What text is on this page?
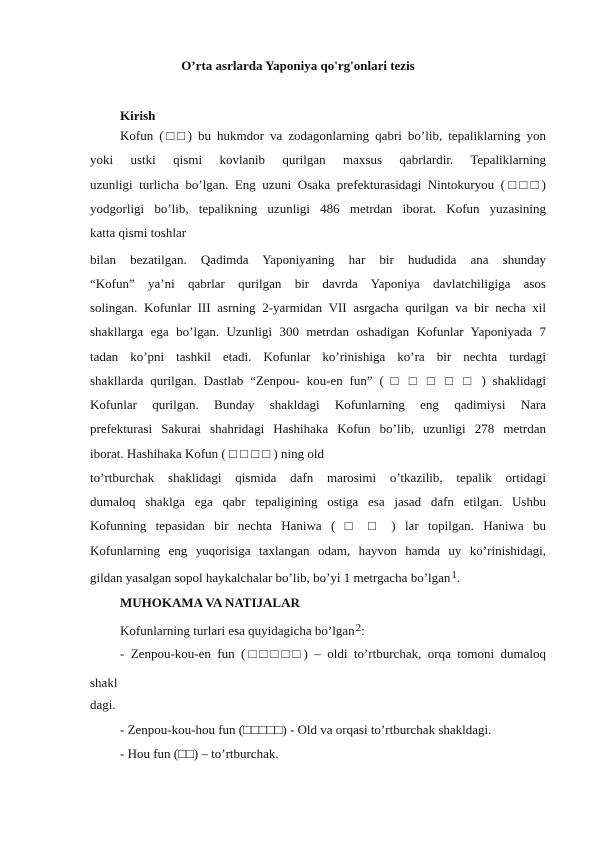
O’rta asrlarda Yaponiya qo'rg'onlari tezis
Kirish
Kofun (□□) bu hukmdor va zodagonlarning qabri bo’lib, tepaliklarning yon
yoki ustki qismi kovlanib qurilgan maxsus qabrlardir. Tepaliklarning
uzunligi turlicha bo’lgan. Eng uzuni Osaka prefekturasidagi Nintokuryou (□□□)
yodgorligi bo’lib, tepalikning uzunligi 486 metrdan iborat. Kofun yuzasining
katta qismi toshlar
bilan bezatilgan. Qadimda Yaponiyaning har bir hududida ana shunday
“Kofun” ya’ni qabrlar qurilgan bir davrda Yaponiya davlatchiligiga asos
solingan. Kofunlar III asrning 2-yarmidan VII asrgacha qurilgan va bir necha xil
shakllarga ega bo’lgan. Uzunligi 300 metrdan oshadigan Kofunlar Yaponiyada 7
tadan ko’pni tashkil etadi. Kofunlar ko’rinishiga ko’ra bir nechta turdagi
shakllarda qurilgan. Dastlab “Zenpou- kou-en fun” ( □ □ □ □ □ ) shaklidagi
Kofunlar qurilgan. Bunday shakldagi Kofunlarning eng qadimiysi Nara
prefekturasi Sakurai shahridagi Hashihaka Kofun bo’lib, uzunligi 278 metrdan
iborat. Hashihaka Kofun ( □ □ □ □ ) ning old
to’rtburchak shaklidagi qismida dafn marosimi o’tkazilib, tepalik ortidagi
dumaloq shaklga ega qabr tepaligining ostiga esa jasad dafn etilgan. Ushbu
Kofunning tepasidan bir nechta Haniwa ( □ □ ) lar topilgan. Haniwa bu
Kofunlarning eng yuqorisiga taxlangan odam, hayvon hamda uy ko’rinishidagi,
gildan yasalgan sopol haykalchalar bo’lib, bo’yi 1 metrgacha bo’lgan$^1$.
MUHOKAMA VA NATIJALAR
Kofunlarning turlari esa quyidagicha bo’lgan$^2$:
- Zenpou-kou-en fun (□□□□□) – oldi to’rtburchak, orqa tomoni dumaloq
shakl
dagi.
- Zenpou-kou-hou fun (□□□□□) - Old va orqasi to’rtburchak shakldagi.
- Hou fun (□□) – to’rtburchak.
